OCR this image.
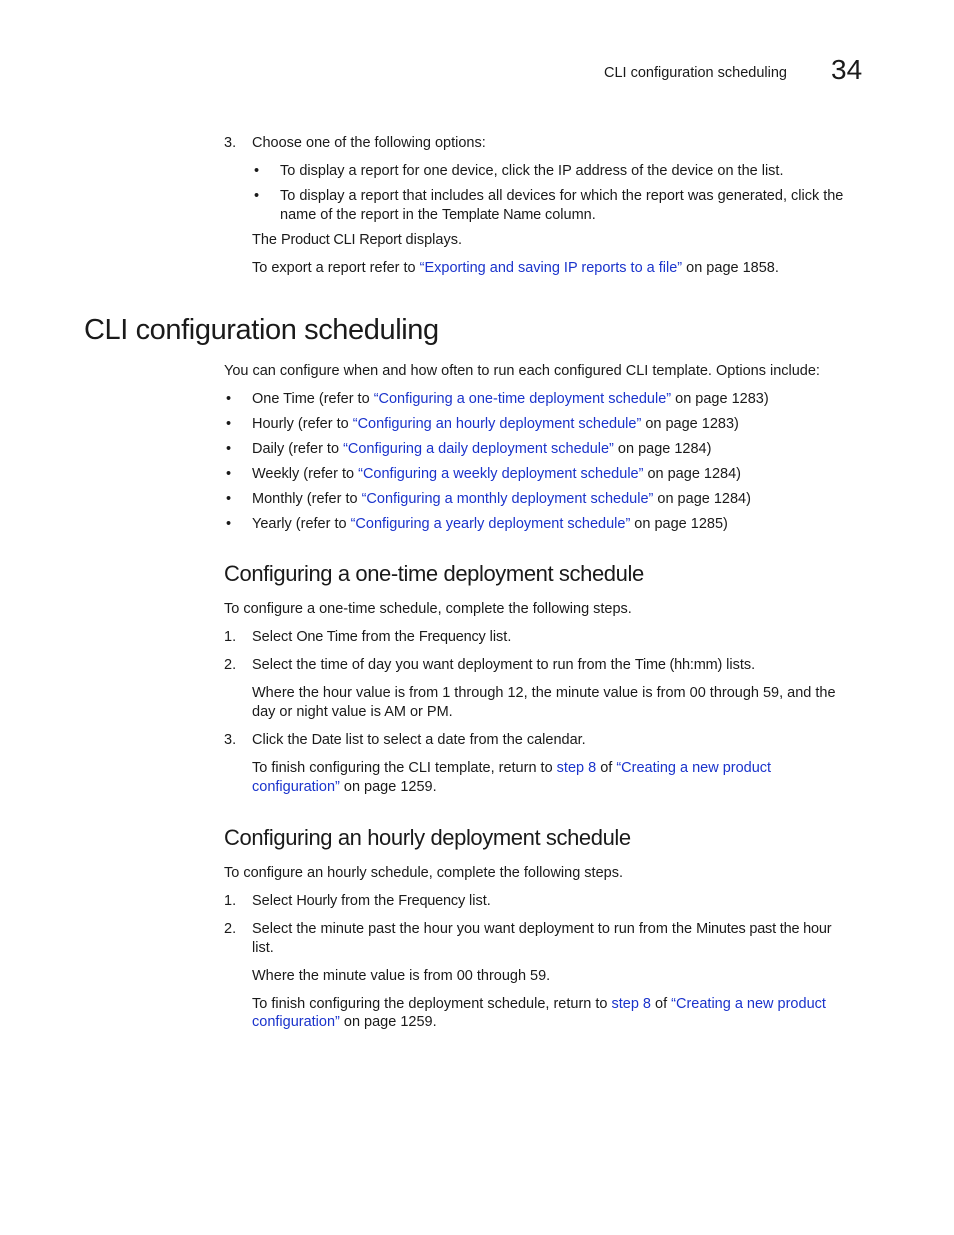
CLI configuration scheduling 34
3. Choose one of the following options:
• To display a report for one device, click the IP address of the device on the list.
• To display a report that includes all devices for which the report was generated, click the
name of the report in the Template Name column.
The Product CLI Report displays.
To export a report refer to “Exporting and saving IP reports to a file” on page 1858.
CLI configuration scheduling
You can configure when and how often to run each configured CLI template. Options include:
• One Time (refer to “Configuring a one-time deployment schedule” on page 1283)
• Hourly (refer to “Configuring an hourly deployment schedule” on page 1283)
• Daily (refer to “Configuring a daily deployment schedule” on page 1284)
• Weekly (refer to “Configuring a weekly deployment schedule” on page 1284)
• Monthly (refer to “Configuring a monthly deployment schedule” on page 1284)
• Yearly (refer to “Configuring a yearly deployment schedule” on page 1285)
Configuring a one-time deployment schedule
To configure a one-time schedule, complete the following steps.
1. Select One Time from the Frequency list.
2. Select the time of day you want deployment to run from the Time (hh:mm) lists.
Where the hour value is from 1 through 12, the minute value is from 00 through 59, and the
day or night value is AM or PM.
3. Click the Date list to select a date from the calendar.
To finish configuring the CLI template, return to step 8 of “Creating a new product
configuration” on page 1259.
Configuring an hourly deployment schedule
To configure an hourly schedule, complete the following steps.
1. Select Hourly from the Frequency list.
2. Select the minute past the hour you want deployment to run from the Minutes past the hour
list.
Where the minute value is from 00 through 59.
To finish configuring the deployment schedule, return to step 8 of “Creating a new product
configuration” on page 1259.
